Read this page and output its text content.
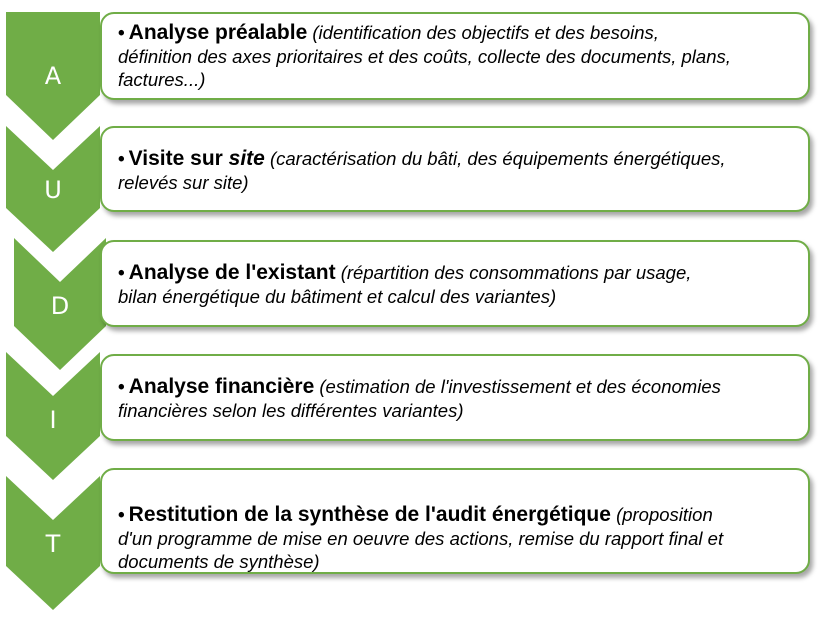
A
• Analyse préalable (identification des objectifs et des besoins,
définition des axes prioritaires et des coûts, collecte des documents, plans,
factures...)
U
• Visite sur site (caractérisation du bâti, des équipements énergétiques,
relevés sur site)
D
• Analyse de l'existant (répartition des consommations par usage,
bilan énergétique du bâtiment et calcul des variantes)
I
• Analyse financière (estimation de l'investissement et des économies
financières selon les différentes variantes)
T
• Restitution de la synthèse de l'audit énergétique (proposition
d'un programme de mise en oeuvre des actions, remise du rapport final et
documents de synthèse)
